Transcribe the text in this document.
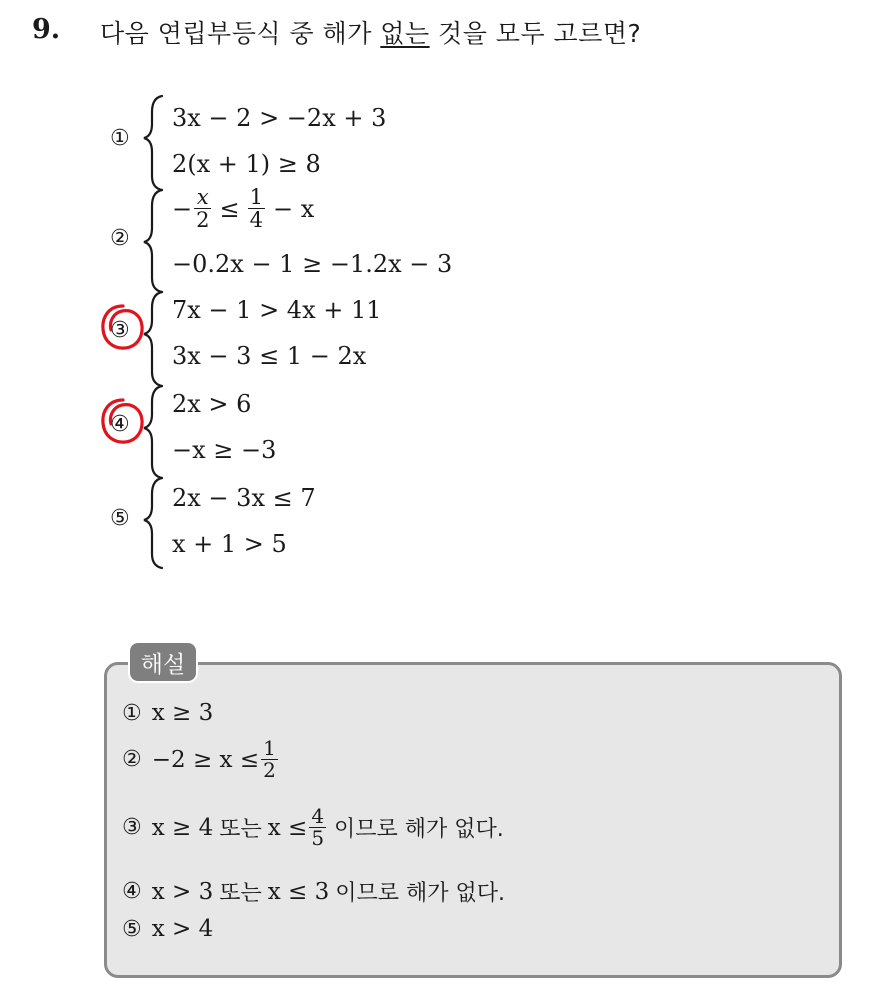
9. 다음 연립부등식 중 해가 없는 것을 모두 고르면?
①
3x − 2 > −2x + 3
2(x + 1) ≥ 8
②
− $\frac{x}{2} \le \frac{1}{4} - x$
−0.2x − 1 ≥ −1.2x − 3
③
7x − 1 > 4x + 11
3x − 3 ≤ 1 − 2x
④
2x > 6
−x ≥ −3
⑤
2x − 3x ≤ 7
x + 1 > 5
해설
① x ≥ 3
② $-2 \ge x \le \frac{1}{2}$
③ x ≥ 4 또는 $x \le \frac{4}{5}$ 이므로 해가 없다.
④ x > 3 또는 x ≤ 3 이므로 해가 없다.
⑤ x > 4
